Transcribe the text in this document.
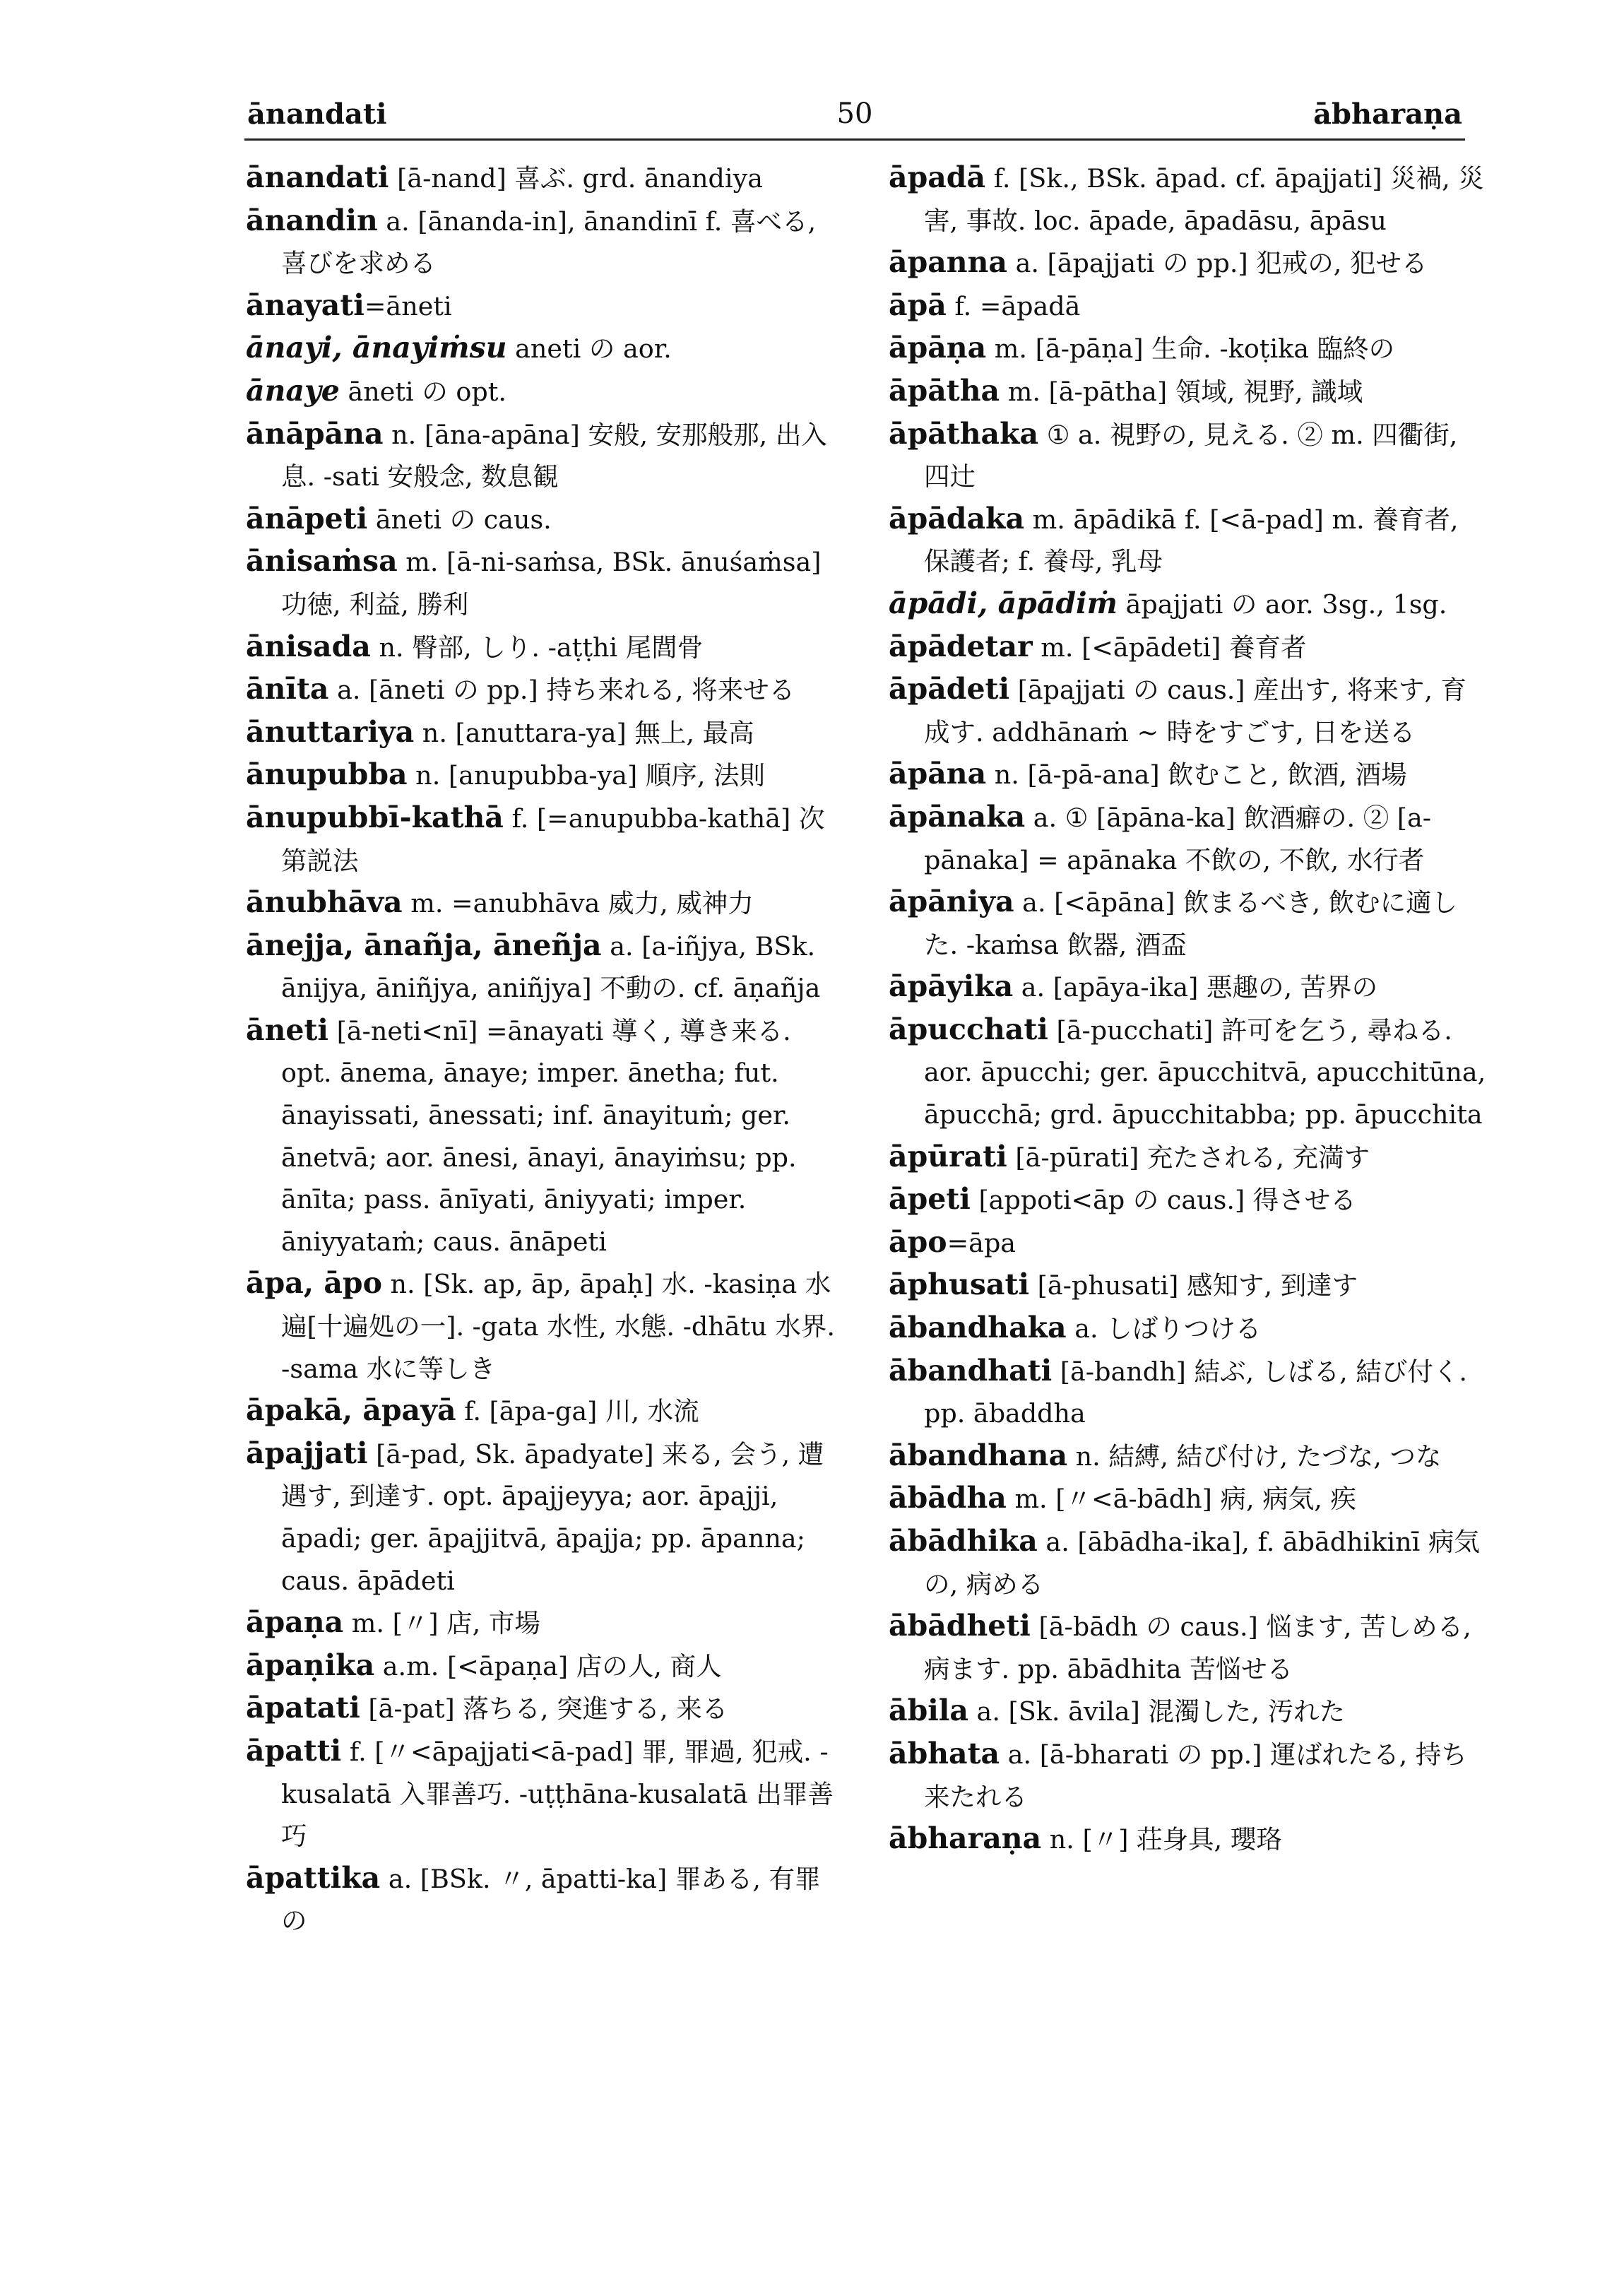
50
ānandati	ābharaṇa

ānandati [ā-nand] 喜ぶ. grd. ānandiya

ānandin a. [ānanda-in], ānandinī f. 喜べる, 喜びを求める

ānayati=āneti

ānayi, ānayiṁsu aneti の aor.

ānaye āneti の opt.

ānāpāna n. [āna-apāna] 安般, 安那般那, 出入息. -sati 安般念, 数息観

ānāpeti āneti の caus.

ānisaṁsa m. [ā-ni-saṁsa, BSk. ānuśaṁsa] 功徳, 利益, 勝利

ānisada n. 臀部, しり. -aṭṭhi 尾閭骨

ānīta a. [āneti の pp.] 持ち来れる, 将来せる

ānuttariya n. [anuttara-ya] 無上, 最高

ānupubba n. [anupubba-ya] 順序, 法則

ānupubbī-kathā f. [=anupubba-kathā] 次第説法

ānubhāva m. =anubhāva 威力, 威神力

ānejja, ānañja, āneñja a. [a-iñjya, BSk. ānijya, āniñjya, aniñjya] 不動の. cf. āṇañja

āneti [ā-neti<nī] =ānayati 導く, 導き来る. opt. ānema, ānaye; imper. ānetha; fut. ānayissati, ānessati; inf. ānayituṁ; ger. ānetvā; aor. ānesi, ānayi, ānayiṁsu; pp. ānīta; pass. ānīyati, āniyyati; imper. āniyyataṁ; caus. ānāpeti

āpa, āpo n. [Sk. ap, āp, āpaḥ] 水. -kasiṇa 水遍[十遍処の一]. -gata 水性, 水態. -dhātu 水界. -sama 水に等しき

āpakā, āpayā f. [āpa-ga] 川, 水流

āpajjati [ā-pad, Sk. āpadyate] 来る, 会う, 遭遇す, 到達す. opt. āpajjeyya; aor. āpajji, āpadi; ger. āpajjitvā, āpajja; pp. āpanna; caus. āpādeti

āpaṇa m. [〃] 店, 市場

āpaṇika a.m. [<āpaṇa] 店の人, 商人

āpatati [ā-pat] 落ちる, 突進する, 来る

āpatti f. [〃<āpajjati<ā-pad] 罪, 罪過, 犯戒. -kusalatā 入罪善巧. -uṭṭhāna-kusalatā 出罪善巧

āpattika a. [BSk. 〃, āpatti-ka] 罪ある, 有罪の

āpadā f. [Sk., BSk. āpad. cf. āpajjati] 災禍, 災害, 事故. loc. āpade, āpadāsu, āpāsu

āpanna a. [āpajjati の pp.] 犯戒の, 犯せる

āpā f. =āpadā

āpāṇa m. [ā-pāṇa] 生命. -koṭika 臨終の

āpātha m. [ā-pātha] 領域, 視野, 識域

āpāthaka ① a. 視野の, 見える. ② m. 四衢街, 四辻

āpādaka m. āpādikā f. [<ā-pad] m. 養育者, 保護者; f. 養母, 乳母

āpādi, āpādiṁ āpajjati の aor. 3sg., 1sg.

āpādetar m. [<āpādeti] 養育者

āpādeti [āpajjati の caus.] 産出す, 将来す, 育成す. addhānaṁ ~ 時をすごす, 日を送る

āpāna n. [ā-pā-ana] 飲むこと, 飲酒, 酒場

āpānaka a. ① [āpāna-ka] 飲酒癖の. ② [a-pānaka] = apānaka 不飲の, 不飲, 水行者

āpāniya a. [<āpāna] 飲まるべき, 飲むに適した. -kaṁsa 飲器, 酒盃

āpāyika a. [apāya-ika] 悪趣の, 苦界の

āpucchati [ā-pucchati] 許可を乞う, 尋ねる. aor. āpucchi; ger. āpucchitvā, apucchitūna, āpucchā; grd. āpucchitabba; pp. āpucchita

āpūrati [ā-pūrati] 充たされる, 充満す

āpeti [appoti<āp の caus.] 得させる

āpo=āpa

āphusati [ā-phusati] 感知す, 到達す

ābandhaka a. しばりつける

ābandhati [ā-bandh] 結ぶ, しばる, 結び付く. pp. ābaddha

ābandhana n. 結縛, 結び付け, たづな, つな

ābādha m. [〃<ā-bādh] 病, 病気, 疾

ābādhika a. [ābādha-ika], f. ābādhikinī 病気の, 病める

ābādheti [ā-bādh の caus.] 悩ます, 苦しめる, 病ます. pp. ābādhita 苦悩せる

ābila a. [Sk. āvila] 混濁した, 汚れた

ābhata a. [ā-bharati の pp.] 運ばれたる, 持ち来たれる

ābharaṇa n. [〃] 荘身具, 瓔珞
